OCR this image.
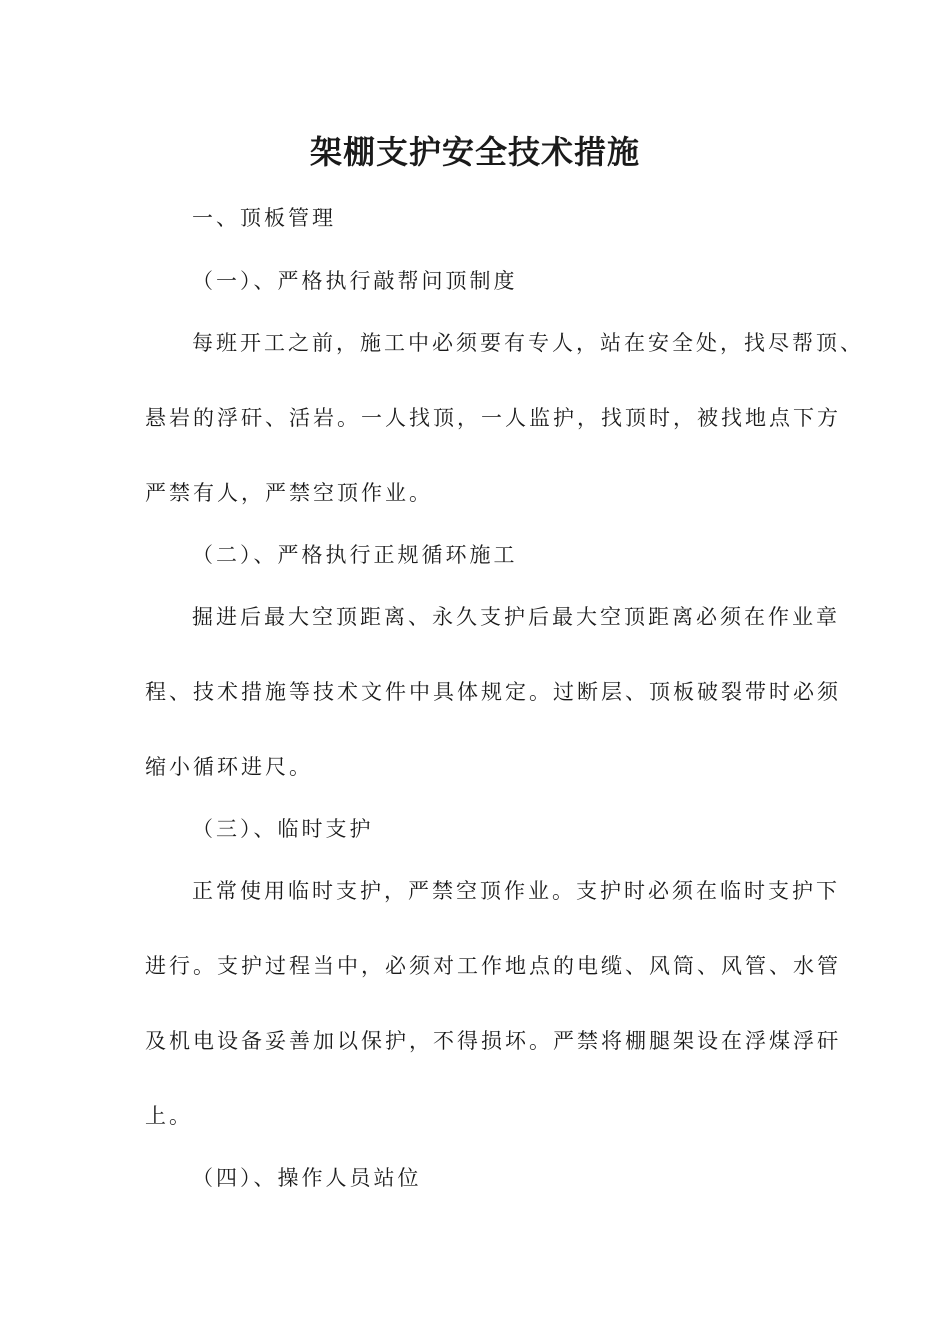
架棚支护安全技术措施
一、顶板管理
（一）、严格执行敲帮问顶制度
每班开工之前，施工中必须要有专人，站在安全处，找尽帮顶、
悬岩的浮矸、活岩。一人找顶，一人监护，找顶时，被找地点下方
严禁有人，严禁空顶作业。
（二）、严格执行正规循环施工
掘进后最大空顶距离、永久支护后最大空顶距离必须在作业章
程、技术措施等技术文件中具体规定。过断层、顶板破裂带时必须
缩小循环进尺。
（三）、临时支护
正常使用临时支护，严禁空顶作业。支护时必须在临时支护下
进行。支护过程当中，必须对工作地点的电缆、风筒、风管、水管
及机电设备妥善加以保护，不得损坏。严禁将棚腿架设在浮煤浮矸
上。
（四）、操作人员站位
